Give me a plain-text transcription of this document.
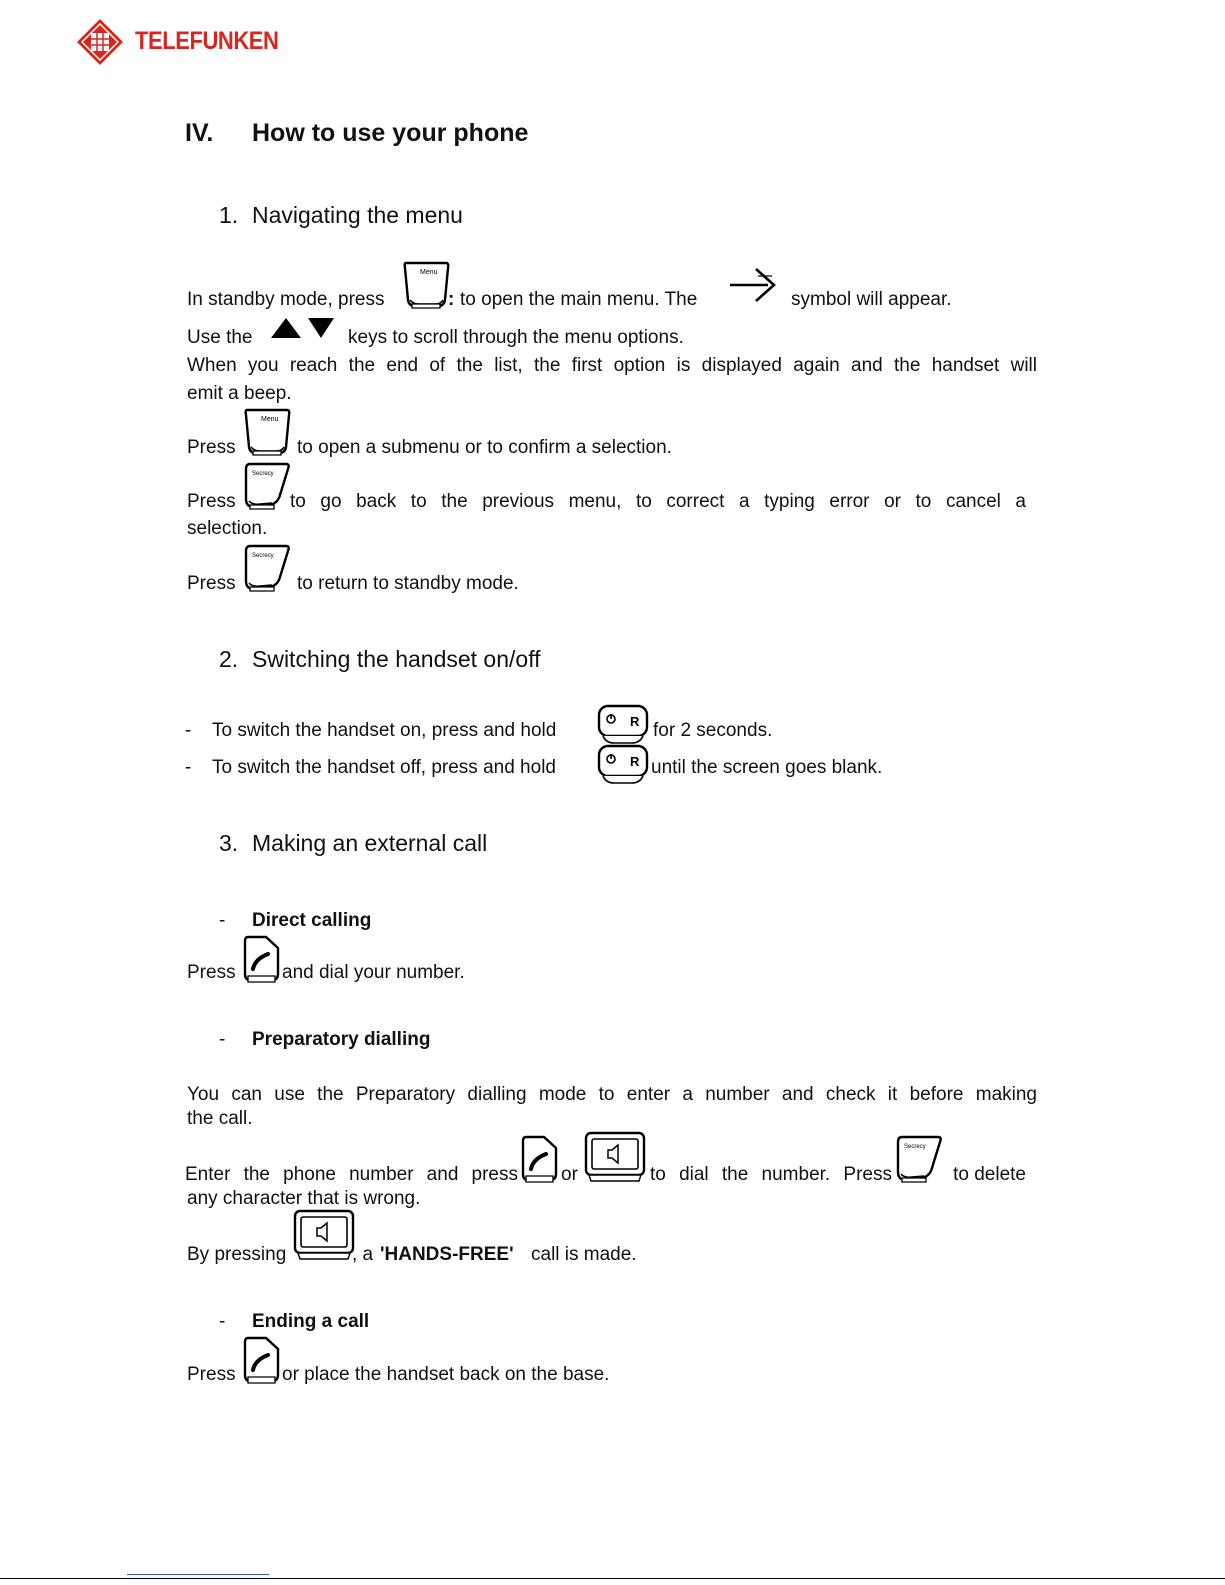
TELEFUNKEN
IV. How to use your phone
1. Navigating the menu
In standby mode, press
Menu
: to open the main menu. The	symbol will appear.
Use the	keys to scroll through the menu options.
When you reach the end of the list, the first option is displayed again and the handset will
emit a beep.
Press
Menu
to open a submenu or to confirm a selection.
Press
Secrecy
to go back to the previous menu, to correct a typing error or to cancel a
selection.
Press
Secrecy
to return to standby mode.
2. Switching the handset on/off
- To switch the handset on, press and hold	for 2 seconds.
- To switch the handset off, press and hold	until the screen goes blank.
3. Making an external call
- Direct calling
Press and dial your number.
- Preparatory dialling
You can use the Preparatory dialling mode to enter a number and check it before making
the call.
Enter the phone number and press or	to dial the number. Press
Secrecy
to delete
any character that is wrong.
By pressing	, a 'HANDS-FREE' call is made.
- Ending a call
Press or place the handset back on the base.
